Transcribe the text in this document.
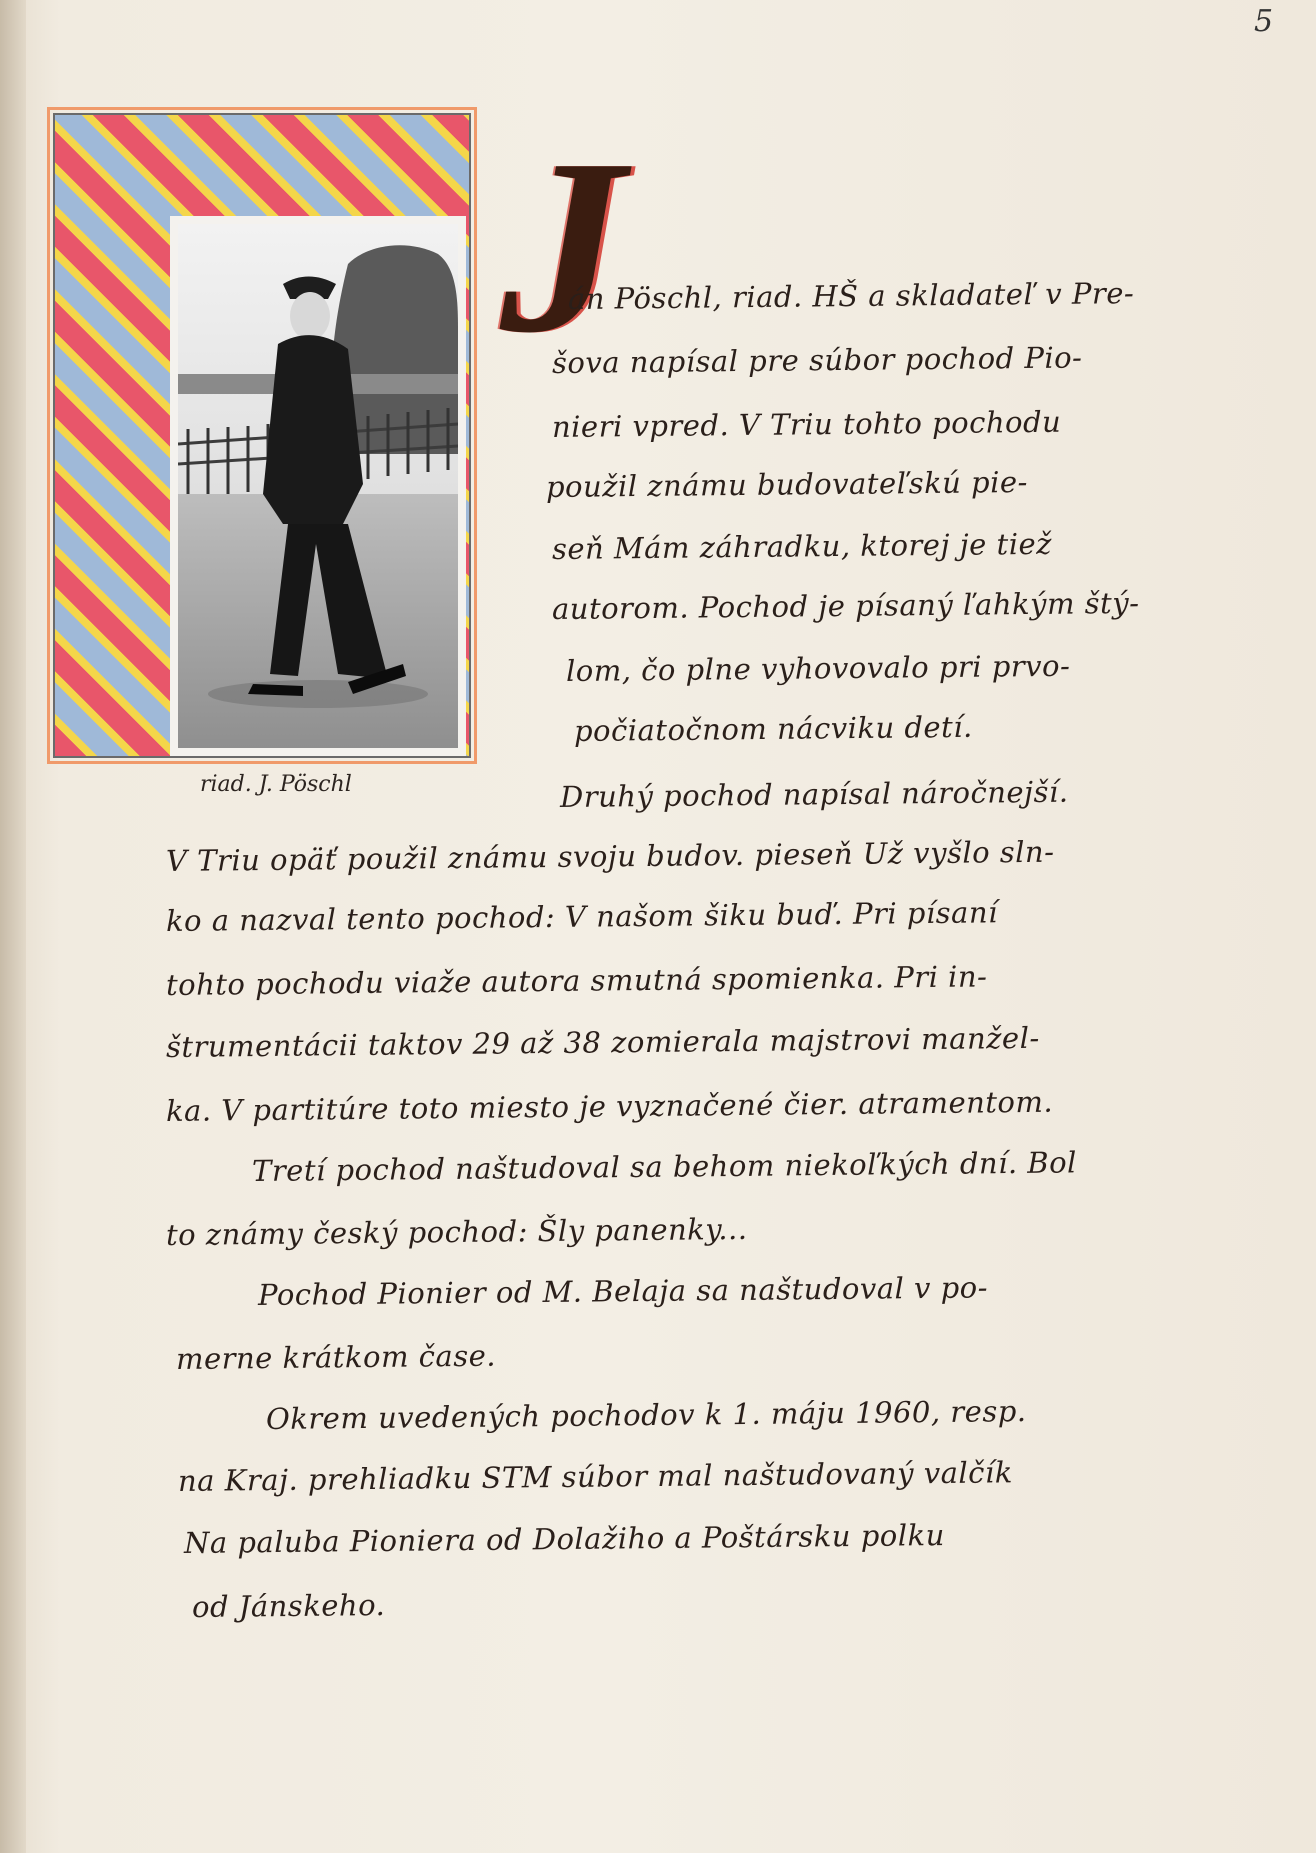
5
riad. J. Pöschl
J

án Pöschl, riad. HŠ a skladateľ v Pre-

šova napísal pre súbor pochod Pio-

nieri vpred. V Triu tohto pochodu

použil známu budovateľskú pie-

seň Mám záhradku, ktorej je tiež

autorom. Pochod je písaný ľahkým štý-

lom, čo plne vyhovovalo pri prvo-

počiatočnom nácviku detí.

Druhý pochod napísal náročnejší.

V Triu opäť použil známu svoju budov. pieseň Už vyšlo sln-

ko a nazval tento pochod: V našom šiku buď. Pri písaní

tohto pochodu viaže autora smutná spomienka. Pri in-

štrumentácii taktov 29 až 38 zomierala majstrovi manžel-

ka. V partitúre toto miesto je vyznačené čier. atramentom.

Tretí pochod naštudoval sa behom niekoľkých dní. Bol

to známy český pochod: Šly panenky...

Pochod Pionier od M. Belaja sa naštudoval v po-

merne krátkom čase.

Okrem uvedených pochodov k 1. máju 1960, resp.

na Kraj. prehliadku STM súbor mal naštudovaný valčík

Na paluba Pioniera od Dolažiho a Poštársku polku

od Jánskeho.
